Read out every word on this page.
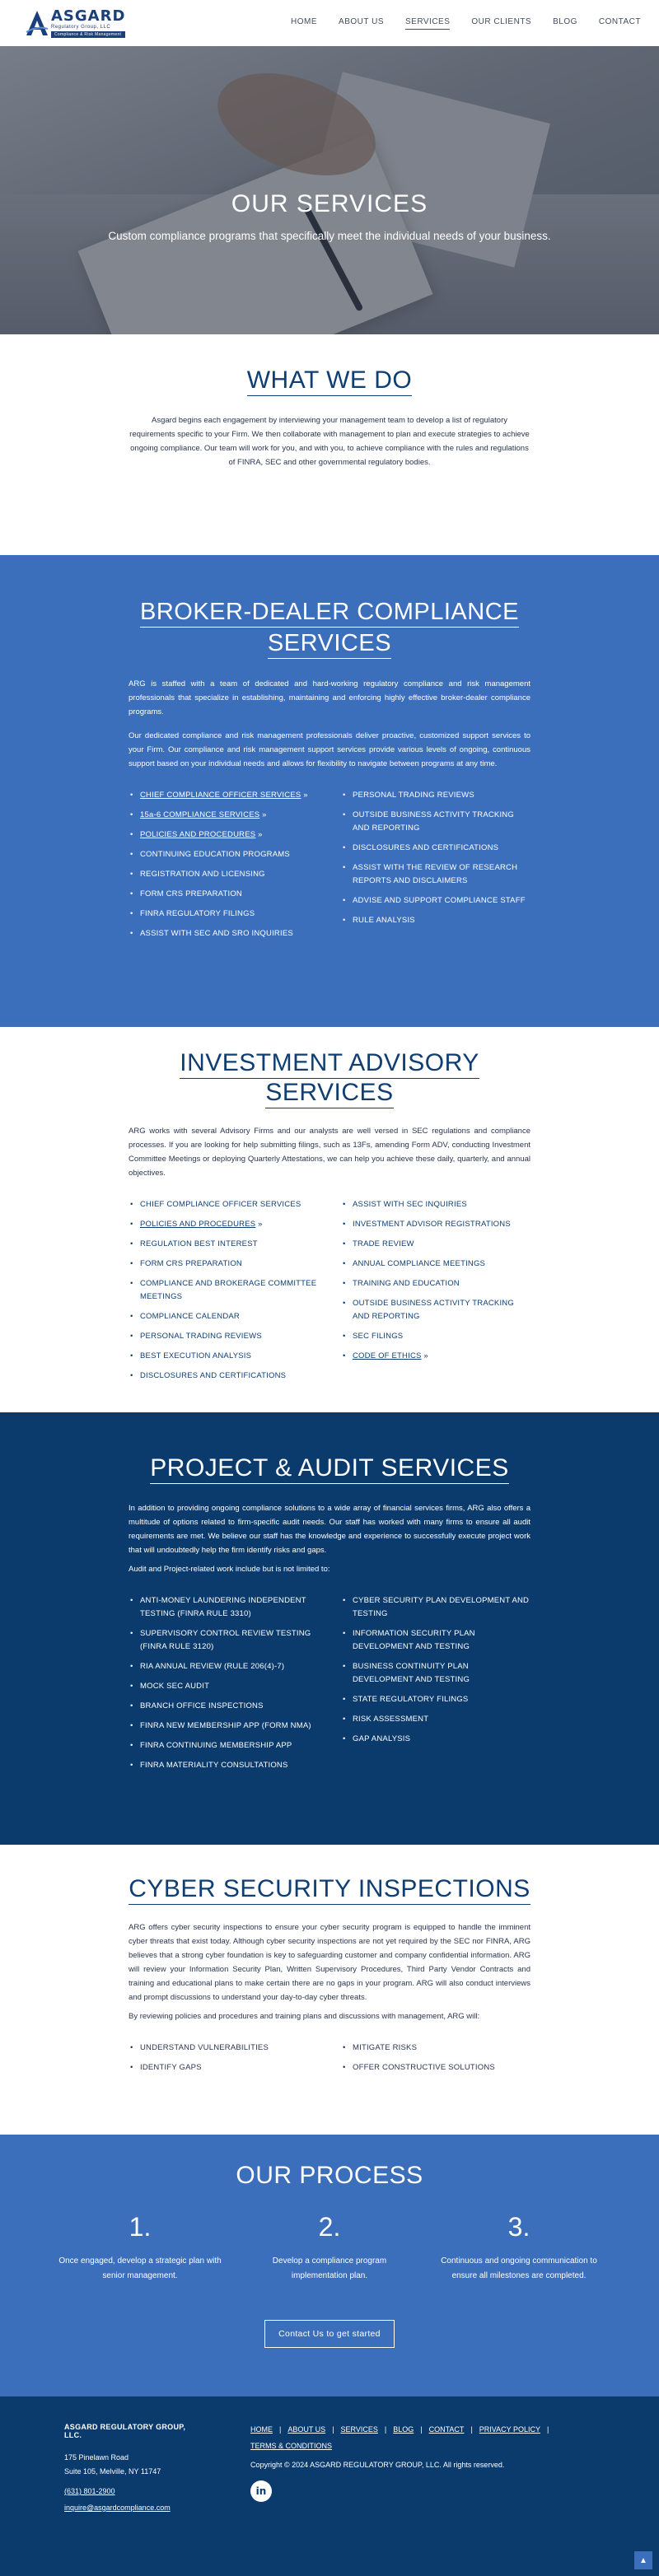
ASGARD
Regulatory Group, LLC
Compliance & Risk Management
HOME	ABOUT US	SERVICES	OUR CLIENTS	BLOG	CONTACT
OUR SERVICES

Custom compliance programs that specifically meet the individual needs of your business.

WHAT WE DO

Asgard begins each engagement by interviewing your management team to develop a list of regulatory requirements specific to your Firm. We then collaborate with management to plan and execute strategies to achieve ongoing compliance. Our team will work for you, and with you, to achieve compliance with the rules and regulations of FINRA, SEC and other governmental regulatory bodies.

BROKER-DEALER COMPLIANCE SERVICES

ARG is staffed with a team of dedicated and hard-working regulatory compliance and risk management professionals that specialize in establishing, maintaining and enforcing highly effective broker-dealer compliance programs.

Our dedicated compliance and risk management professionals deliver proactive, customized support services to your Firm. Our compliance and risk management support services provide various levels of ongoing, continuous support based on your individual needs and allows for flexibility to navigate between programs at any time.

• CHIEF COMPLIANCE OFFICER SERVICES »
• 15a-6 COMPLIANCE SERVICES »
• POLICIES AND PROCEDURES »
• CONTINUING EDUCATION PROGRAMS
• REGISTRATION AND LICENSING
• FORM CRS PREPARATION
• FINRA REGULATORY FILINGS
• ASSIST WITH SEC AND SRO INQUIRIES
• PERSONAL TRADING REVIEWS
• OUTSIDE BUSINESS ACTIVITY TRACKING AND REPORTING
• DISCLOSURES AND CERTIFICATIONS
• ASSIST WITH THE REVIEW OF RESEARCH REPORTS AND DISCLAIMERS
• ADVISE AND SUPPORT COMPLIANCE STAFF
• RULE ANALYSIS
INVESTMENT ADVISORY SERVICES

ARG works with several Advisory Firms and our analysts are well versed in SEC regulations and compliance processes. If you are looking for help submitting filings, such as 13Fs, amending Form ADV, conducting Investment Committee Meetings or deploying Quarterly Attestations, we can help you achieve these daily, quarterly, and annual objectives.

• CHIEF COMPLIANCE OFFICER SERVICES
• POLICIES AND PROCEDURES »
• REGULATION BEST INTEREST
• FORM CRS PREPARATION
• COMPLIANCE AND BROKERAGE COMMITTEE MEETINGS
• COMPLIANCE CALENDAR
• PERSONAL TRADING REVIEWS
• BEST EXECUTION ANALYSIS
• DISCLOSURES AND CERTIFICATIONS
• ASSIST WITH SEC INQUIRIES
• INVESTMENT ADVISOR REGISTRATIONS
• TRADE REVIEW
• ANNUAL COMPLIANCE MEETINGS
• TRAINING AND EDUCATION
• OUTSIDE BUSINESS ACTIVITY TRACKING AND REPORTING
• SEC FILINGS
• CODE OF ETHICS »
PROJECT & AUDIT SERVICES

In addition to providing ongoing compliance solutions to a wide array of financial services firms, ARG also offers a multitude of options related to firm-specific audit needs. Our staff has worked with many firms to ensure all audit requirements are met. We believe our staff has the knowledge and experience to successfully execute project work that will undoubtedly help the firm identify risks and gaps.

Audit and Project-related work include but is not limited to:

• ANTI-MONEY LAUNDERING INDEPENDENT TESTING (FINRA RULE 3310)
• SUPERVISORY CONTROL REVIEW TESTING (FINRA RULE 3120)
• RIA ANNUAL REVIEW (RULE 206(4)-7)
• MOCK SEC AUDIT
• BRANCH OFFICE INSPECTIONS
• FINRA NEW MEMBERSHIP APP (FORM NMA)
• FINRA CONTINUING MEMBERSHIP APP
• FINRA MATERIALITY CONSULTATIONS
• CYBER SECURITY PLAN DEVELOPMENT AND TESTING
• INFORMATION SECURITY PLAN DEVELOPMENT AND TESTING
• BUSINESS CONTINUITY PLAN DEVELOPMENT AND TESTING
• STATE REGULATORY FILINGS
• RISK ASSESSMENT
• GAP ANALYSIS
CYBER SECURITY INSPECTIONS

ARG offers cyber security inspections to ensure your cyber security program is equipped to handle the imminent cyber threats that exist today. Although cyber security inspections are not yet required by the SEC nor FINRA, ARG believes that a strong cyber foundation is key to safeguarding customer and company confidential information. ARG will review your Information Security Plan, Written Supervisory Procedures, Third Party Vendor Contracts and training and educational plans to make certain there are no gaps in your program. ARG will also conduct interviews and prompt discussions to understand your day-to-day cyber threats.

By reviewing policies and procedures and training plans and discussions with management, ARG will:

• UNDERSTAND VULNERABILITIES
• IDENTIFY GAPS
• MITIGATE RISKS
• OFFER CONSTRUCTIVE SOLUTIONS
OUR PROCESS
1.

Once engaged, develop a strategic plan with senior management.

2.

Develop a compliance program implementation plan.

3.

Continuous and ongoing communication to ensure all milestones are completed.

Contact Us to get started
ASGARD REGULATORY GROUP, LLC.
175 Pinelawn Road
Suite 105, Melville, NY 11747
(631) 801-2900
inquire@asgardcompliance.com
HOME | ABOUT US | SERVICES | BLOG | CONTACT | PRIVACY POLICY |
TERMS & CONDITIONS

Copyright © 2024 ASGARD REGULATORY GROUP, LLC. All rights reserved.

in
▲
